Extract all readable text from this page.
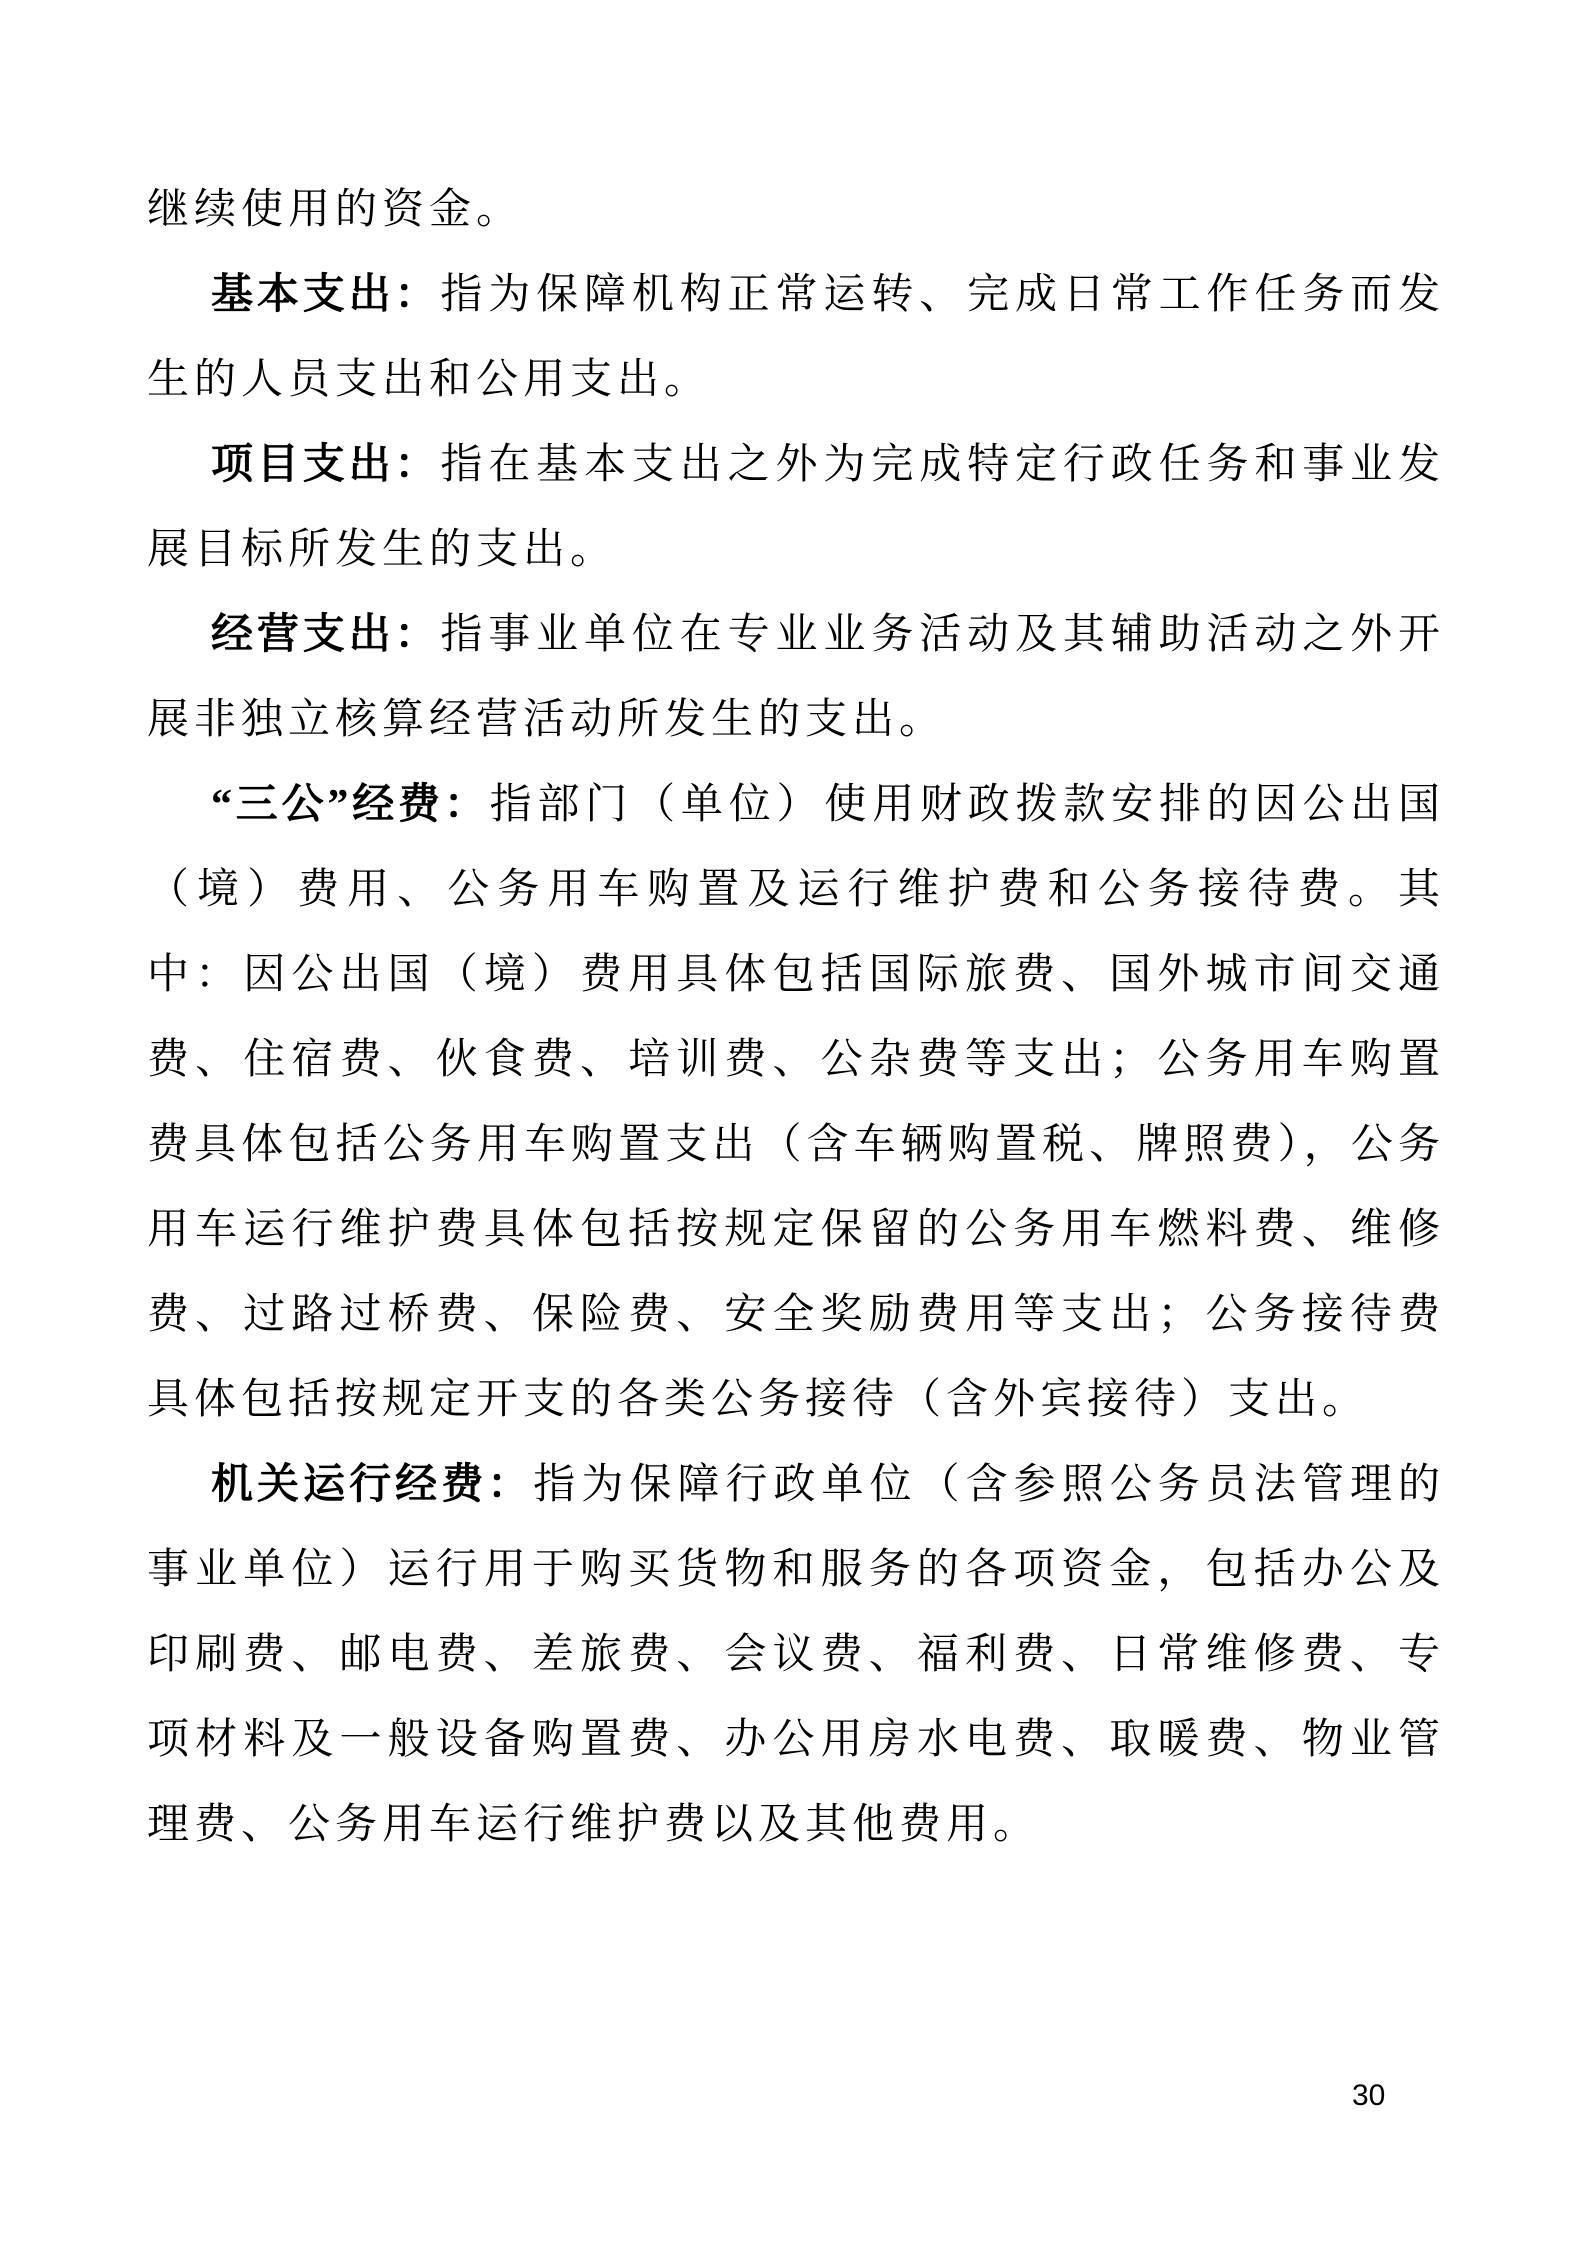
继续使用的资金。

基本支出：指为保障机构正常运转、完成日常工作任务而发生的人员支出和公用支出。

项目支出：指在基本支出之外为完成特定行政任务和事业发展目标所发生的支出。

经营支出：指事业单位在专业业务活动及其辅助活动之外开展非独立核算经营活动所发生的支出。

“三公”经费：指部门（单位）使用财政拨款安排的因公出国（境）费用、公务用车购置及运行维护费和公务接待费。其中：因公出国（境）费用具体包括国际旅费、国外城市间交通费、住宿费、伙食费、培训费、公杂费等支出；公务用车购置费具体包括公务用车购置支出（含车辆购置税、牌照费），公务用车运行维护费具体包括按规定保留的公务用车燃料费、维修费、过路过桥费、保险费、安全奖励费用等支出；公务接待费具体包括按规定开支的各类公务接待（含外宾接待）支出。

机关运行经费：指为保障行政单位（含参照公务员法管理的事业单位）运行用于购买货物和服务的各项资金，包括办公及印刷费、邮电费、差旅费、会议费、福利费、日常维修费、专项材料及一般设备购置费、办公用房水电费、取暖费、物业管理费、公务用车运行维护费以及其他费用。

30
